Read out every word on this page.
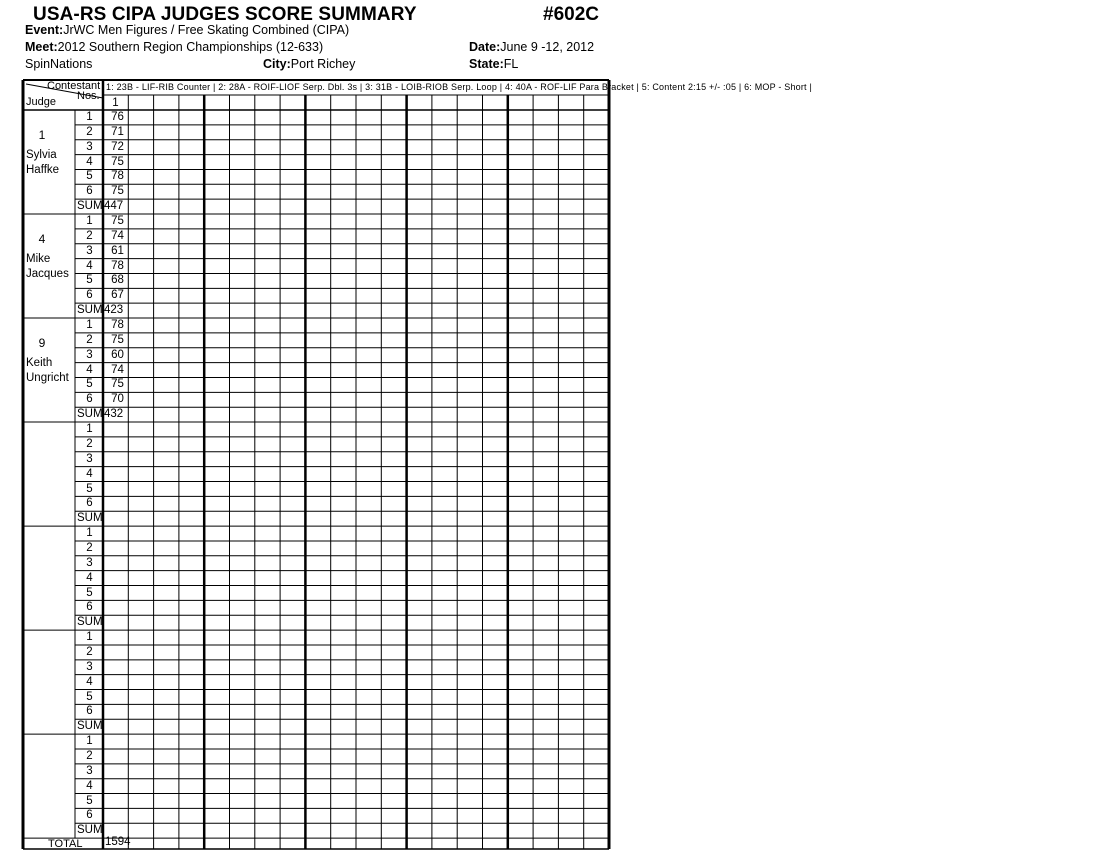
USA-RS CIPA JUDGES SCORE SUMMARY	#602C
Event:JrWC Men Figures / Free Skating Combined (CIPA)
Meet:2012 Southern Region Championships (12-633)	Date:June 9 -12, 2012
SpinNations	City:Port Richey	State:FL
1: 23B - LIF-RIB Counter | 2: 28A - ROIF-LIOF Serp. Dbl. 3s | 3: 31B - LOIB-RIOB Serp. Loop | 4: 40A - ROF-LIF Para Bracket | 5: Content 2:15 +/- :05 | 6: MOP - Short |
Contestant
Nos.
Judge	1
1
Sylvia
Haffke
1	76
2	71
3	72
4	75
5	78
6	75
SUM 447
4
Mike
Jacques
1	75
2	74
3	61
4	78
5	68
6	67
SUM 423
9
Keith
Ungricht
1	78
2	75
3	60
4	74
5	75
6	70
SUM 432
1
2
3
4
5
6
SUM
1
2
3
4
5
6
SUM
1
2
3
4
5
6
SUM
1
2
3
4
5
6
SUM
TOTAL 1594
